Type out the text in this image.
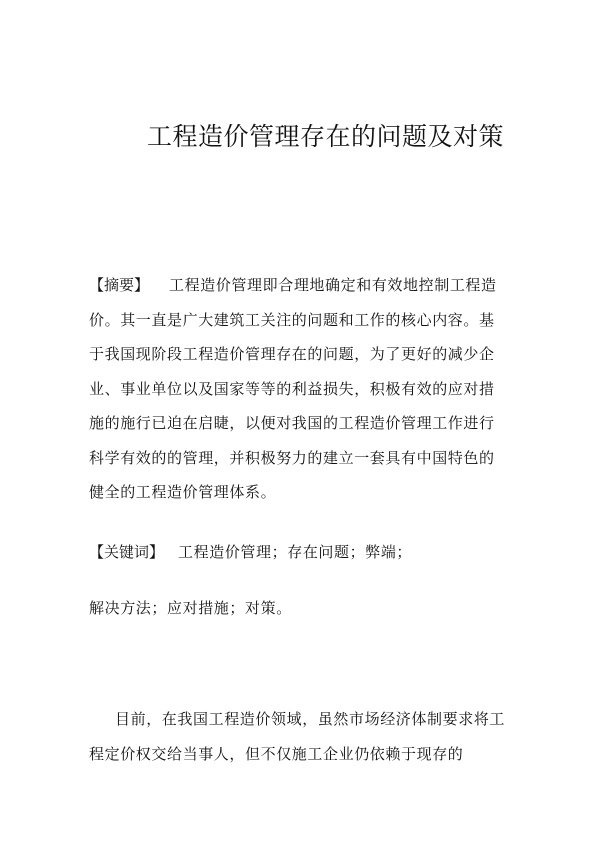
工程造价管理存在的问题及对策

【摘要】 工程造价管理即合理地确定和有效地控制工程造价。其一直是广大建筑工关注的问题和工作的核心内容。基于我国现阶段工程造价管理存在的问题，为了更好的减少企业、事业单位以及国家等等的利益损失，积极有效的应对措施的施行已迫在启睫，以便对我国的工程造价管理工作进行科学有效的的管理，并积极努力的建立一套具有中国特色的健全的工程造价管理体系。

【关键词】 工程造价管理；存在问题；弊端；

解决方法；应对措施；对策。

目前，在我国工程造价领域，虽然市场经济体制要求将工程定价权交给当事人，但不仅施工企业仍依赖于现存的
